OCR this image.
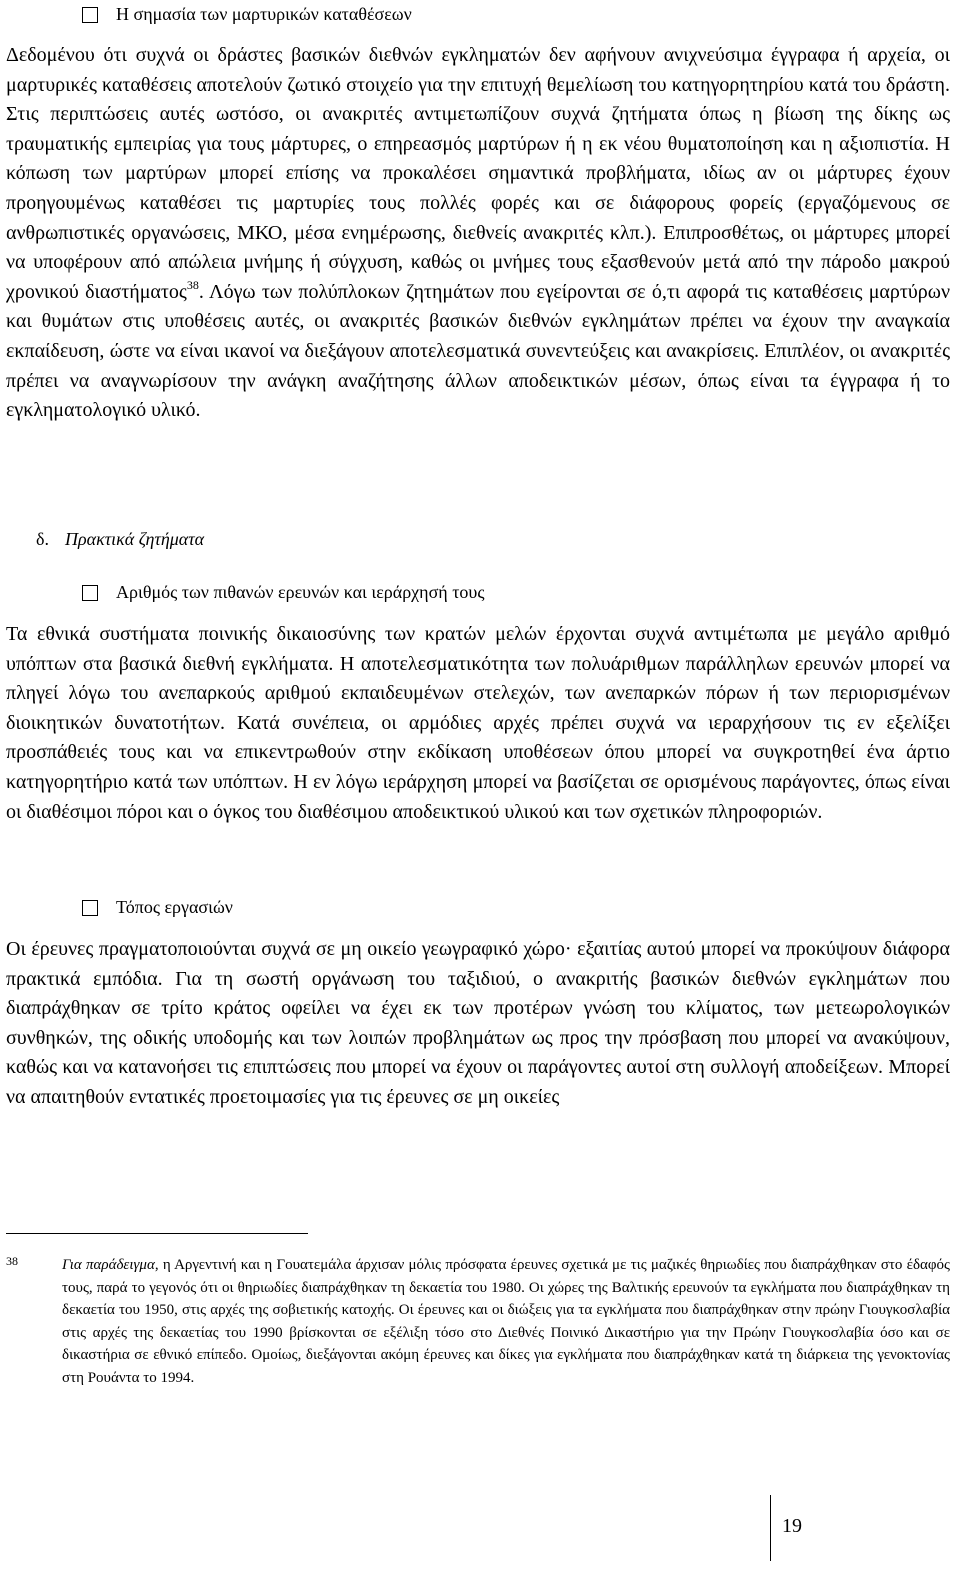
Η σημασία των μαρτυρικών καταθέσεων

Δεδομένου ότι συχνά οι δράστες βασικών διεθνών εγκληματών δεν αφήνουν ανιχνεύσιμα έγγραφα ή αρχεία, οι μαρτυρικές καταθέσεις αποτελούν ζωτικό στοιχείο για την επιτυχή θεμελίωση του κατηγορητηρίου κατά του δράστη. Στις περιπτώσεις αυτές ωστόσο, οι ανακριτές αντιμετωπίζουν συχνά ζητήματα όπως η βίωση της δίκης ως τραυματικής εμπειρίας για τους μάρτυρες, ο επηρεασμός μαρτύρων ή η εκ νέου θυματοποίηση και η αξιοπιστία. Η κόπωση των μαρτύρων μπορεί επίσης να προκαλέσει σημαντικά προβλήματα, ιδίως αν οι μάρτυρες έχουν προηγουμένως καταθέσει τις μαρτυρίες τους πολλές φορές και σε διάφορους φορείς (εργαζόμενους σε ανθρωπιστικές οργανώσεις, ΜΚΟ, μέσα ενημέρωσης, διεθνείς ανακριτές κλπ.). Επιπροσθέτως, οι μάρτυρες μπορεί να υποφέρουν από απώλεια μνήμης ή σύγχυση, καθώς οι μνήμες τους εξασθενούν μετά από την πάροδο μακρού χρονικού διαστήματος$^{38}$. Λόγω των πολύπλοκων ζητημάτων που εγείρονται σε ό,τι αφορά τις καταθέσεις μαρτύρων και θυμάτων στις υποθέσεις αυτές, οι ανακριτές βασικών διεθνών εγκλημάτων πρέπει να έχουν την αναγκαία εκπαίδευση, ώστε να είναι ικανοί να διεξάγουν αποτελεσματικά συνεντεύξεις και ανακρίσεις. Επιπλέον, οι ανακριτές πρέπει να αναγνωρίσουν την ανάγκη αναζήτησης άλλων αποδεικτικών μέσων, όπως είναι τα έγγραφα ή το εγκληματολογικό υλικό.

δ. Πρακτικά ζητήματα
Αριθμός των πιθανών ερευνών και ιεράρχησή τους

Τα εθνικά συστήματα ποινικής δικαιοσύνης των κρατών μελών έρχονται συχνά αντιμέτωπα με μεγάλο αριθμό υπόπτων στα βασικά διεθνή εγκλήματα. Η αποτελεσματικότητα των πολυάριθμων παράλληλων ερευνών μπορεί να πληγεί λόγω του ανεπαρκούς αριθμού εκπαιδευμένων στελεχών, των ανεπαρκών πόρων ή των περιορισμένων διοικητικών δυνατοτήτων. Κατά συνέπεια, οι αρμόδιες αρχές πρέπει συχνά να ιεραρχήσουν τις εν εξελίξει προσπάθειές τους και να επικεντρωθούν στην εκδίκαση υποθέσεων όπου μπορεί να συγκροτηθεί ένα άρτιο κατηγορητήριο κατά των υπόπτων. Η εν λόγω ιεράρχηση μπορεί να βασίζεται σε ορισμένους παράγοντες, όπως είναι οι διαθέσιμοι πόροι και ο όγκος του διαθέσιμου αποδεικτικού υλικού και των σχετικών πληροφοριών.

Τόπος εργασιών

Οι έρευνες πραγματοποιούνται συχνά σε μη οικείο γεωγραφικό χώρο· εξαιτίας αυτού μπορεί να προκύψουν διάφορα πρακτικά εμπόδια. Για τη σωστή οργάνωση του ταξιδιού, ο ανακριτής βασικών διεθνών εγκλημάτων που διαπράχθηκαν σε τρίτο κράτος οφείλει να έχει εκ των προτέρων γνώση του κλίματος, των μετεωρολογικών συνθηκών, της οδικής υποδομής και των λοιπών προβλημάτων ως προς την πρόσβαση που μπορεί να ανακύψουν, καθώς και να κατανοήσει τις επιπτώσεις που μπορεί να έχουν οι παράγοντες αυτοί στη συλλογή αποδείξεων. Μπορεί να απαιτηθούν εντατικές προετοιμασίες για τις έρευνες σε μη οικείες

38	Για παράδειγμα, η Αργεντινή και η Γουατεμάλα άρχισαν μόλις πρόσφατα έρευνες σχετικά με τις μαζικές θηριωδίες που διαπράχθηκαν στο έδαφός τους, παρά το γεγονός ότι οι θηριωδίες διαπράχθηκαν τη δεκαετία του 1980. Οι χώρες της Βαλτικής ερευνούν τα εγκλήματα που διαπράχθηκαν τη δεκαετία του 1950, στις αρχές της σοβιετικής κατοχής. Οι έρευνες και οι διώξεις για τα εγκλήματα που διαπράχθηκαν στην πρώην Γιουγκοσλαβία στις αρχές της δεκαετίας του 1990 βρίσκονται σε εξέλιξη τόσο στο Διεθνές Ποινικό Δικαστήριο για την Πρώην Γιουγκοσλαβία όσο και σε δικαστήρια σε εθνικό επίπεδο. Ομοίως, διεξάγονται ακόμη έρευνες και δίκες για εγκλήματα που διαπράχθηκαν κατά τη διάρκεια της γενοκτονίας στη Ρουάντα το 1994.

19
